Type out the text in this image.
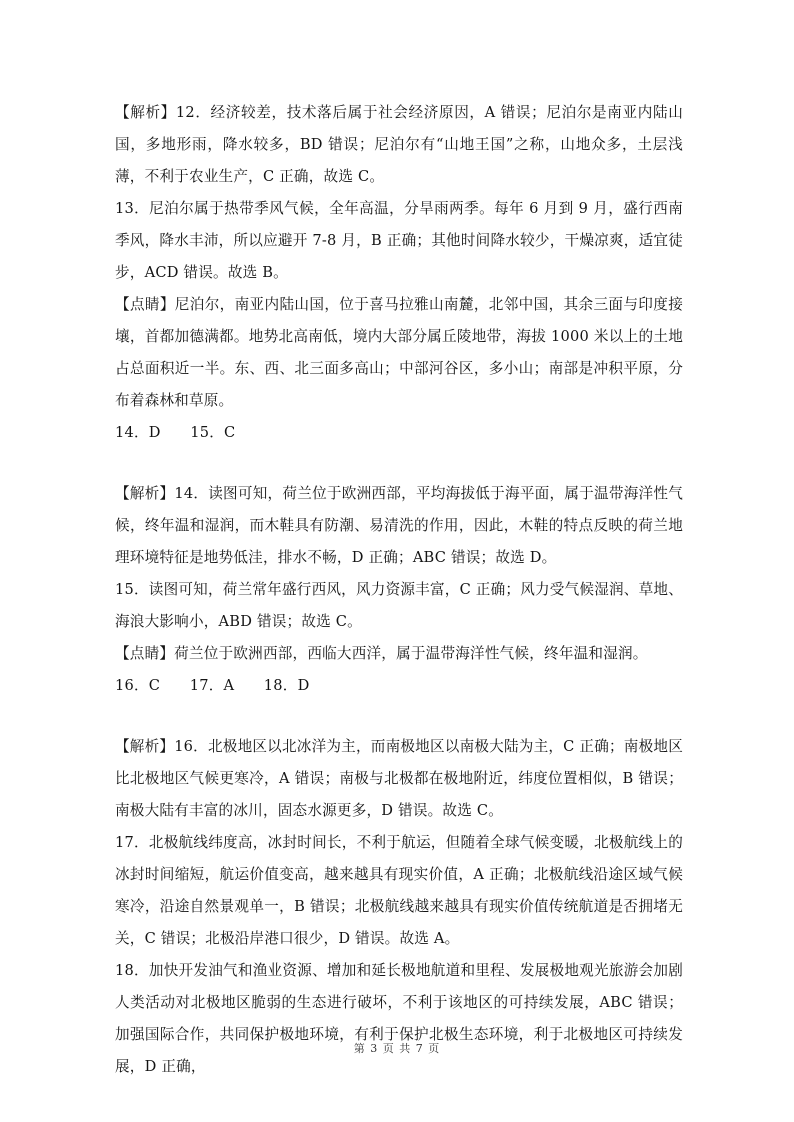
【解析】12．经济较差，技术落后属于社会经济原因，A 错误；尼泊尔是南亚内陆山国，多地形雨，降水较多，BD 错误；尼泊尔有“山地王国”之称，山地众多，土层浅薄，不利于农业生产，C 正确，故选 C。

13．尼泊尔属于热带季风气候，全年高温，分旱雨两季。每年 6 月到 9 月，盛行西南季风，降水丰沛，所以应避开 7-8 月，B 正确；其他时间降水较少，干燥凉爽，适宜徒步，ACD 错误。故选 B。

【点睛】尼泊尔，南亚内陆山国，位于喜马拉雅山南麓，北邻中国，其余三面与印度接壤，首都加德满都。地势北高南低，境内大部分属丘陵地带，海拔 1000 米以上的土地占总面积近一半。东、西、北三面多高山；中部河谷区，多小山；南部是冲积平原，分布着森林和草原。

14．D　　15．C

【解析】14．读图可知，荷兰位于欧洲西部，平均海拔低于海平面，属于温带海洋性气候，终年温和湿润，而木鞋具有防潮、易清洗的作用，因此，木鞋的特点反映的荷兰地理环境特征是地势低洼，排水不畅，D 正确；ABC 错误；故选 D。

15．读图可知，荷兰常年盛行西风，风力资源丰富，C 正确；风力受气候湿润、草地、海浪大影响小，ABD 错误；故选 C。

【点睛】荷兰位于欧洲西部，西临大西洋，属于温带海洋性气候，终年温和湿润。

16．C　　17．A　　18．D

【解析】16．北极地区以北冰洋为主，而南极地区以南极大陆为主，C 正确；南极地区比北极地区气候更寒冷，A 错误；南极与北极都在极地附近，纬度位置相似，B 错误；南极大陆有丰富的冰川，固态水源更多，D 错误。故选 C。

17．北极航线纬度高，冰封时间长，不利于航运，但随着全球气候变暖，北极航线上的冰封时间缩短，航运价值变高，越来越具有现实价值，A 正确；北极航线沿途区域气候寒冷，沿途自然景观单一，B 错误；北极航线越来越具有现实价值传统航道是否拥堵无关，C 错误；北极沿岸港口很少，D 错误。故选 A。

18．加快开发油气和渔业资源、增加和延长极地航道和里程、发展极地观光旅游会加剧人类活动对北极地区脆弱的生态进行破坏，不利于该地区的可持续发展，ABC 错误；加强国际合作，共同保护极地环境，有利于保护北极生态环境，利于北极地区可持续发展，D 正确，

第 3 页 共 7 页
